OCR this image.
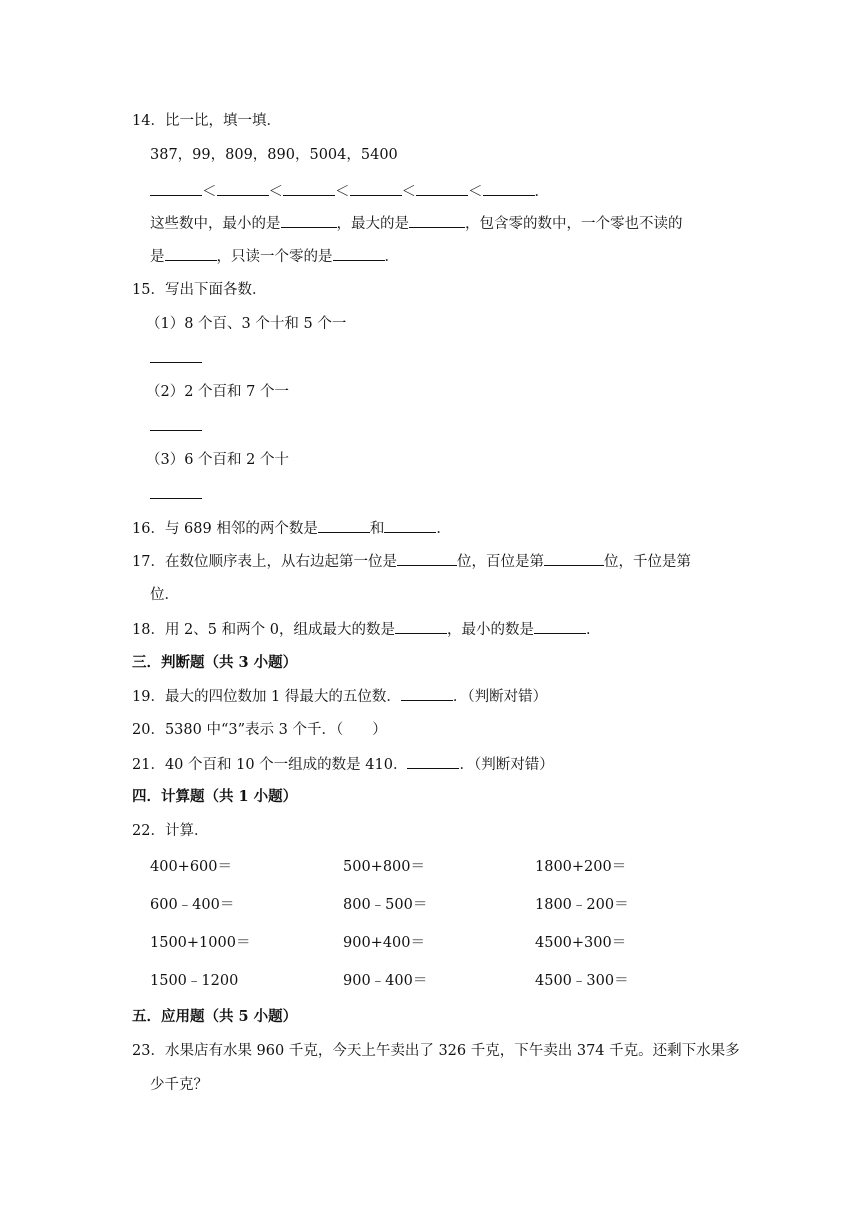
14．比一比，填一填．
387，99，809，890，5004，5400
＜	＜	＜	＜	＜	．
这些数中，最小的是	，最大的是	，包含零的数中，一个零也不读的
是	，只读一个零的是	．
15．写出下面各数．
（1）8 个百、3 个十和 5 个一
（2）2 个百和 7 个一
（3）6 个百和 2 个十
16．与 689 相邻的两个数是	和	．
17．在数位顺序表上，从右边起第一位是	位，百位是第	位，千位是第
位．
18．用 2、5 和两个 0，组成最大的数是	，最小的数是	．
三．判断题（共 3 小题）
19．最大的四位数加 1 得最大的五位数．	．（判断对错）
20．5380 中“3”表示 3 个千．（　　）
21．40 个百和 10 个一组成的数是 410．	．（判断对错）
四．计算题（共 1 小题）
22．计算．
400+600＝	500+800＝	1800+200＝
600﹣400＝	800﹣500＝	1800﹣200＝
1500+1000＝	900+400＝	4500+300＝
1500﹣1200	900﹣400＝	4500﹣300＝
五．应用题（共 5 小题）
23．水果店有水果 960 千克，今天上午卖出了 326 千克，下午卖出 374 千克。还剩下水果多
少千克？
